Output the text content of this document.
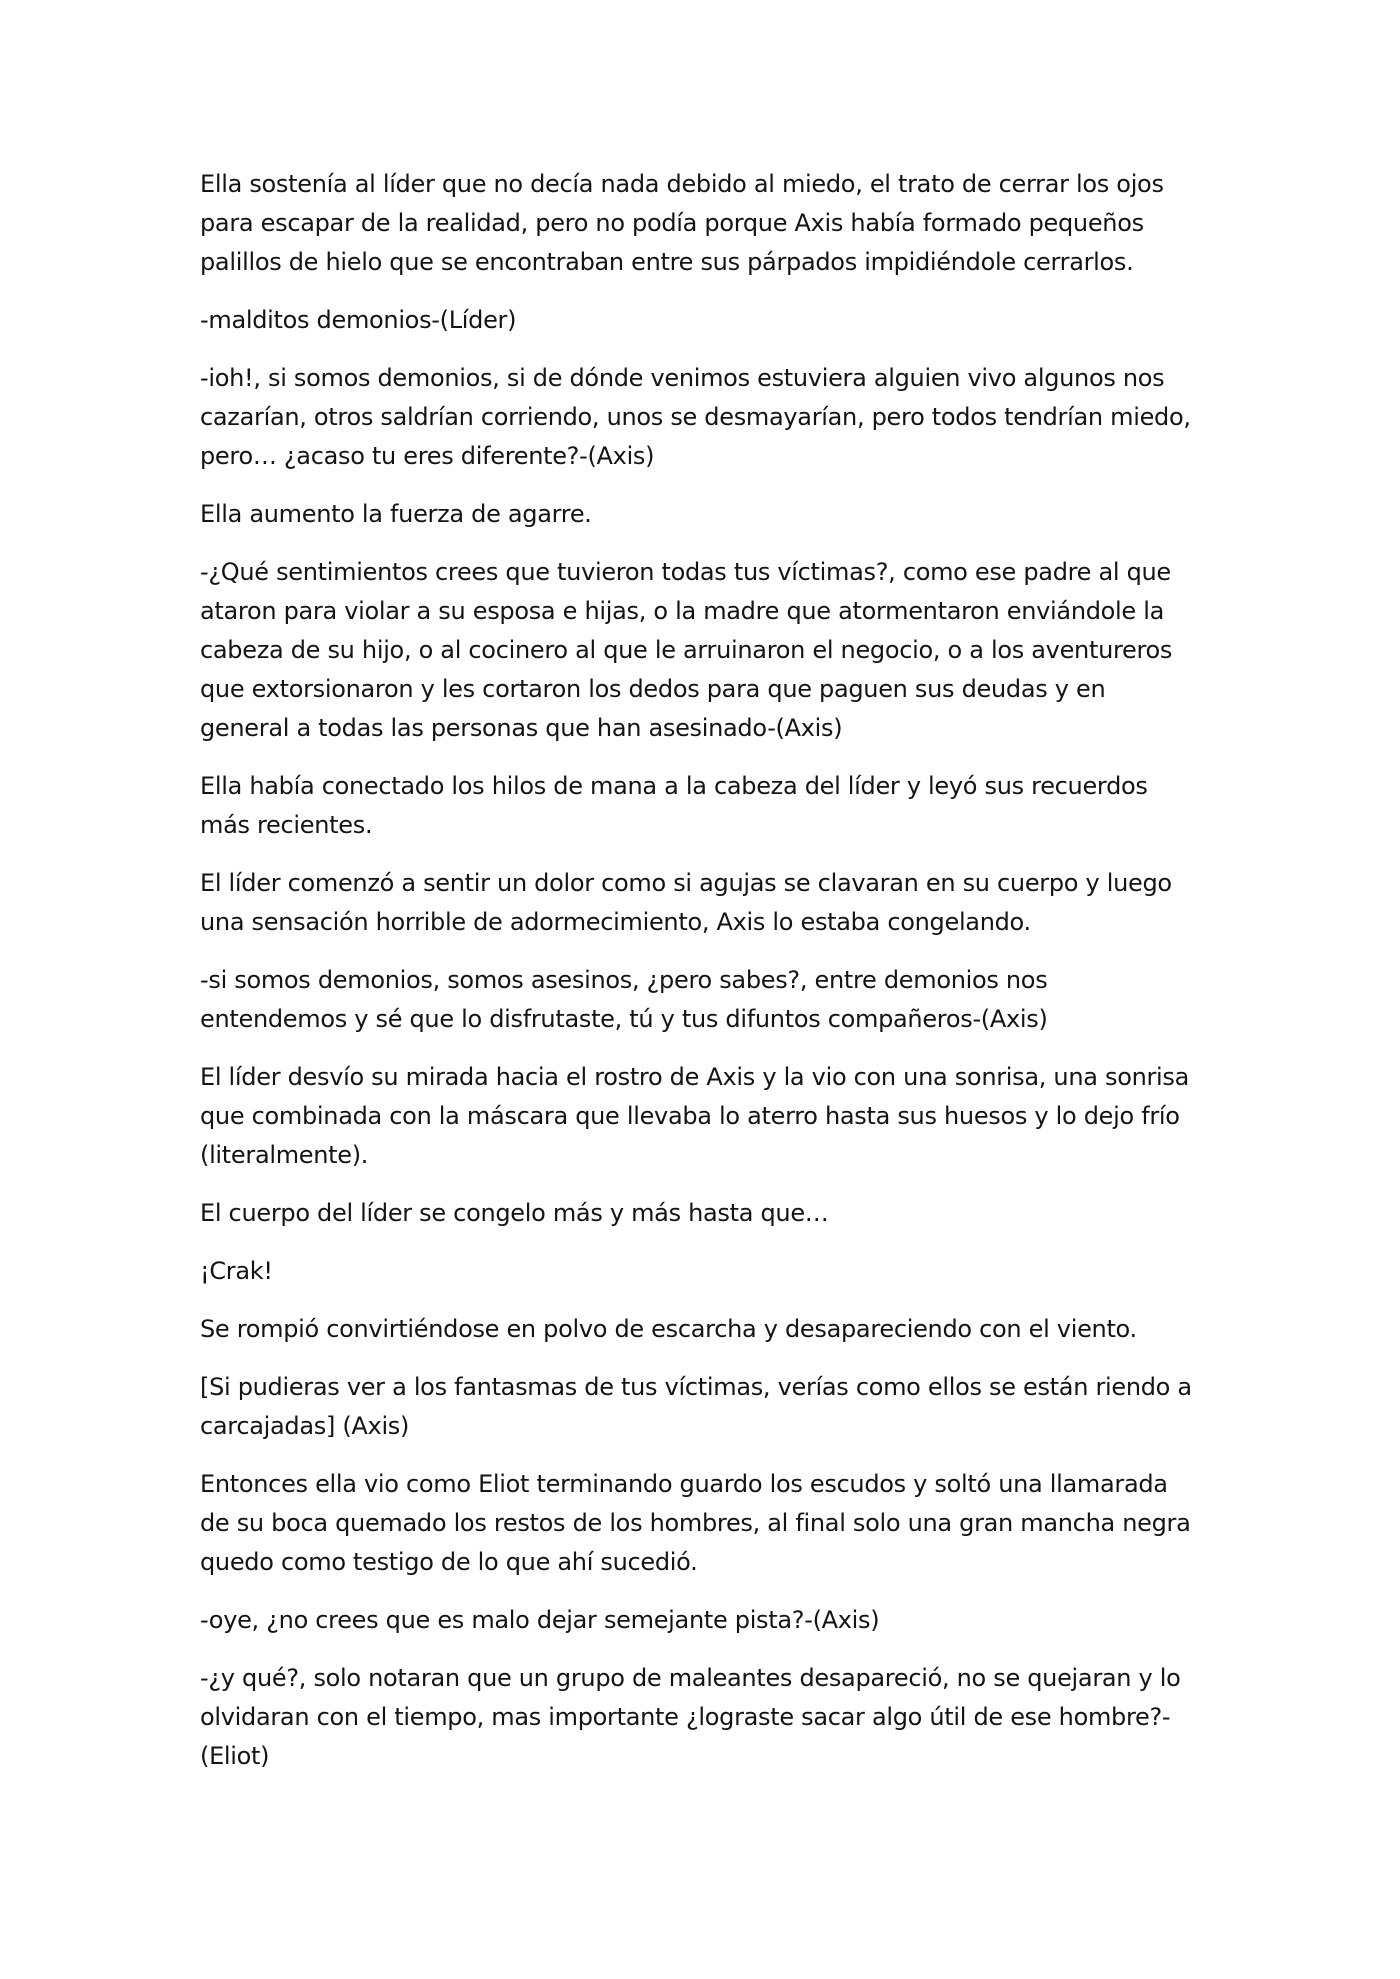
Ella sostenía al líder que no decía nada debido al miedo, el trato de cerrar los ojos para escapar de la realidad, pero no podía porque Axis había formado pequeños palillos de hielo que se encontraban entre sus párpados impidiéndole cerrarlos.

-malditos demonios-(Líder)

-ioh!, si somos demonios, si de dónde venimos estuviera alguien vivo algunos nos cazarían, otros saldrían corriendo, unos se desmayarían, pero todos tendrían miedo, pero… ¿acaso tu eres diferente?-(Axis)

Ella aumento la fuerza de agarre.

-¿Qué sentimientos crees que tuvieron todas tus víctimas?, como ese padre al que ataron para violar a su esposa e hijas, o la madre que atormentaron enviándole la cabeza de su hijo, o al cocinero al que le arruinaron el negocio, o a los aventureros que extorsionaron y les cortaron los dedos para que paguen sus deudas y en general a todas las personas que han asesinado-(Axis)

Ella había conectado los hilos de mana a la cabeza del líder y leyó sus recuerdos más recientes.

El líder comenzó a sentir un dolor como si agujas se clavaran en su cuerpo y luego una sensación horrible de adormecimiento, Axis lo estaba congelando.

-si somos demonios, somos asesinos, ¿pero sabes?, entre demonios nos entendemos y sé que lo disfrutaste, tú y tus difuntos compañeros-(Axis)

El líder desvío su mirada hacia el rostro de Axis y la vio con una sonrisa, una sonrisa que combinada con la máscara que llevaba lo aterro hasta sus huesos y lo dejo frío (literalmente).

El cuerpo del líder se congelo más y más hasta que…

¡Crak!

Se rompió convirtiéndose en polvo de escarcha y desapareciendo con el viento.

[Si pudieras ver a los fantasmas de tus víctimas, verías como ellos se están riendo a carcajadas] (Axis)

Entonces ella vio como Eliot terminando guardo los escudos y soltó una llamarada de su boca quemado los restos de los hombres, al final solo una gran mancha negra quedo como testigo de lo que ahí sucedió.

-oye, ¿no crees que es malo dejar semejante pista?-(Axis)

-¿y qué?, solo notaran que un grupo de maleantes desapareció, no se quejaran y lo olvidaran con el tiempo, mas importante ¿lograste sacar algo útil de ese hombre?-(Eliot)
